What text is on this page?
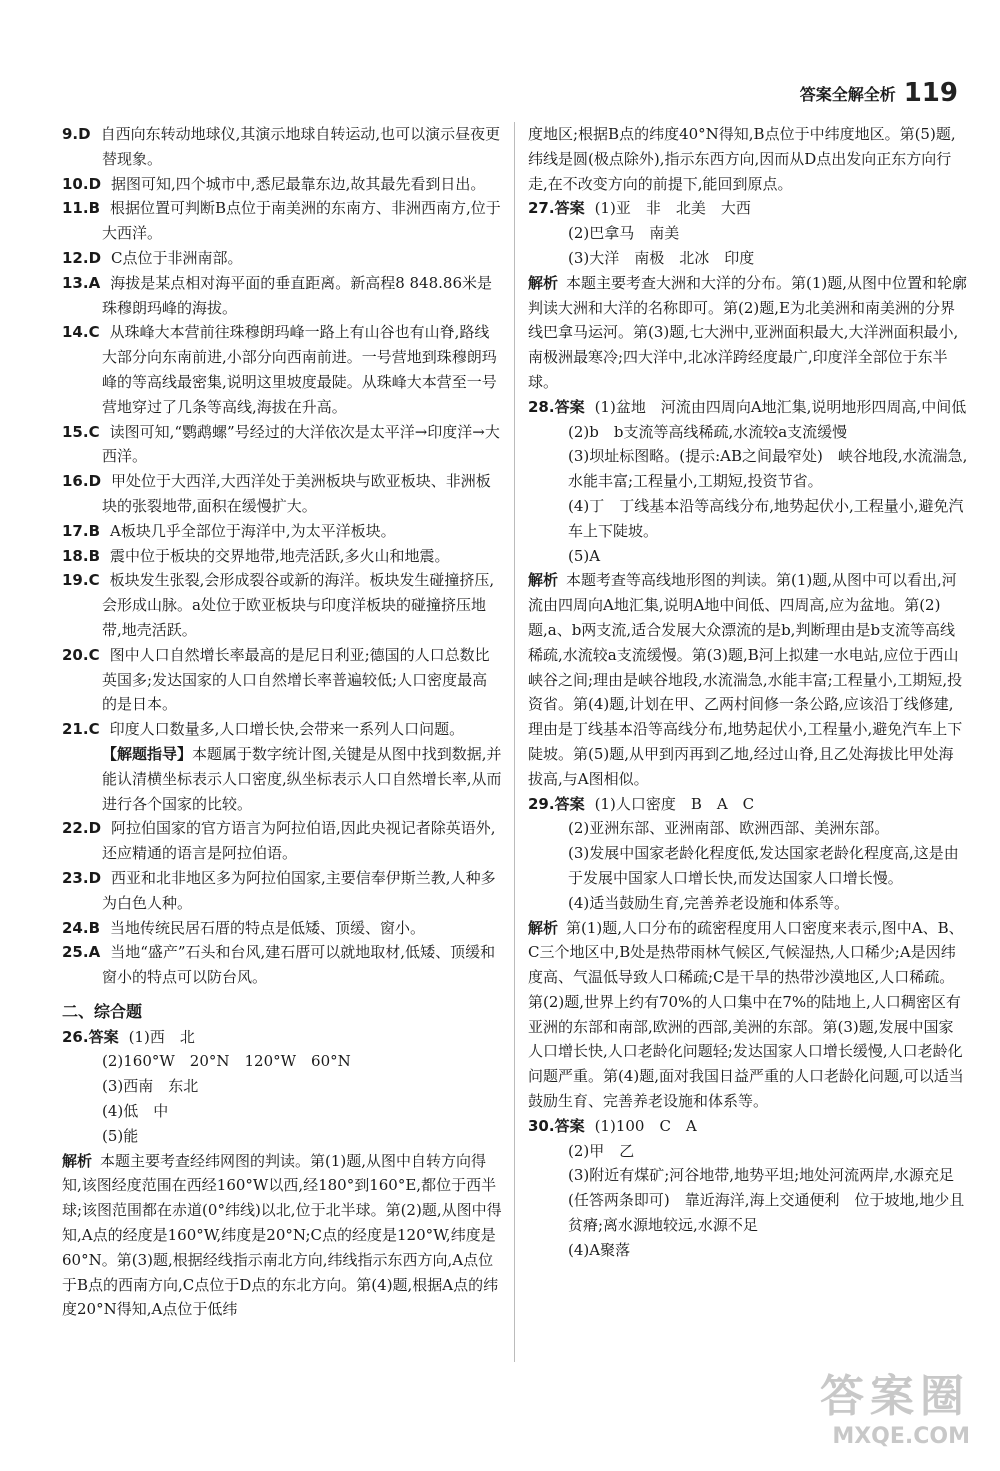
答案全解全析 119

9.D 自西向东转动地球仪,其演示地球自转运动,也可以演示昼夜更替现象。

10.D 据图可知,四个城市中,悉尼最靠东边,故其最先看到日出。

11.B 根据位置可判断B点位于南美洲的东南方、非洲西南方,位于大西洋。

12.D C点位于非洲南部。

13.A 海拔是某点相对海平面的垂直距离。新高程8 848.86米是珠穆朗玛峰的海拔。

14.C 从珠峰大本营前往珠穆朗玛峰一路上有山谷也有山脊,路线大部分向东南前进,小部分向西南前进。一号营地到珠穆朗玛峰的等高线最密集,说明这里坡度最陡。从珠峰大本营至一号营地穿过了几条等高线,海拔在升高。

15.C 读图可知,“鹦鹉螺”号经过的大洋依次是太平洋→印度洋→大西洋。

16.D 甲处位于大西洋,大西洋处于美洲板块与欧亚板块、非洲板块的张裂地带,面积在缓慢扩大。

17.B A板块几乎全部位于海洋中,为太平洋板块。

18.B 震中位于板块的交界地带,地壳活跃,多火山和地震。

19.C 板块发生张裂,会形成裂谷或新的海洋。板块发生碰撞挤压,会形成山脉。a处位于欧亚板块与印度洋板块的碰撞挤压地带,地壳活跃。

20.C 图中人口自然增长率最高的是尼日利亚;德国的人口总数比英国多;发达国家的人口自然增长率普遍较低;人口密度最高的是日本。

21.C 印度人口数量多,人口增长快,会带来一系列人口问题。

【解题指导】本题属于数字统计图,关键是从图中找到数据,并能认清横坐标表示人口密度,纵坐标表示人口自然增长率,从而进行各个国家的比较。

22.D 阿拉伯国家的官方语言为阿拉伯语,因此央视记者除英语外,还应精通的语言是阿拉伯语。

23.D 西亚和北非地区多为阿拉伯国家,主要信奉伊斯兰教,人种多为白色人种。

24.B 当地传统民居石厝的特点是低矮、顶缓、窗小。

25.A 当地“盛产”石头和台风,建石厝可以就地取材,低矮、顶缓和窗小的特点可以防台风。

二、综合题

26.答案 (1)西　北

(2)160°W　20°N　120°W　60°N

(3)西南　东北

(4)低　中

(5)能

解析 本题主要考查经纬网图的判读。第(1)题,从图中自转方向得知,该图经度范围在西经160°W以西,经180°到160°E,都位于西半球;该图范围都在赤道(0°纬线)以北,位于北半球。第(2)题,从图中得知,A点的经度是160°W,纬度是20°N;C点的经度是120°W,纬度是60°N。第(3)题,根据经线指示南北方向,纬线指示东西方向,A点位于B点的西南方向,C点位于D点的东北方向。第(4)题,根据A点的纬度20°N得知,A点位于低纬

度地区;根据B点的纬度40°N得知,B点位于中纬度地区。第(5)题,纬线是圆(极点除外),指示东西方向,因而从D点出发向正东方向行走,在不改变方向的前提下,能回到原点。

27.答案 (1)亚　非　北美　大西

(2)巴拿马　南美

(3)大洋　南极　北冰　印度

解析 本题主要考查大洲和大洋的分布。第(1)题,从图中位置和轮廓判读大洲和大洋的名称即可。第(2)题,E为北美洲和南美洲的分界线巴拿马运河。第(3)题,七大洲中,亚洲面积最大,大洋洲面积最小,南极洲最寒冷;四大洋中,北冰洋跨经度最广,印度洋全部位于东半球。

28.答案 (1)盆地　河流由四周向A地汇集,说明地形四周高,中间低

(2)b　b支流等高线稀疏,水流较a支流缓慢

(3)坝址标图略。(提示:AB之间最窄处)　峡谷地段,水流湍急,水能丰富;工程量小,工期短,投资节省。

(4)丁　丁线基本沿等高线分布,地势起伏小,工程量小,避免汽车上下陡坡。

(5)A

解析 本题考查等高线地形图的判读。第(1)题,从图中可以看出,河流由四周向A地汇集,说明A地中间低、四周高,应为盆地。第(2)题,a、b两支流,适合发展大众漂流的是b,判断理由是b支流等高线稀疏,水流较a支流缓慢。第(3)题,B河上拟建一水电站,应位于西山峡谷之间;理由是峡谷地段,水流湍急,水能丰富;工程量小,工期短,投资省。第(4)题,计划在甲、乙两村间修一条公路,应该沿丁线修建,理由是丁线基本沿等高线分布,地势起伏小,工程量小,避免汽车上下陡坡。第(5)题,从甲到丙再到乙地,经过山脊,且乙处海拔比甲处海拔高,与A图相似。

29.答案 (1)人口密度　B　A　C

(2)亚洲东部、亚洲南部、欧洲西部、美洲东部。

(3)发展中国家老龄化程度低,发达国家老龄化程度高,这是由于发展中国家人口增长快,而发达国家人口增长慢。

(4)适当鼓励生育,完善养老设施和体系等。

解析 第(1)题,人口分布的疏密程度用人口密度来表示,图中A、B、C三个地区中,B处是热带雨林气候区,气候湿热,人口稀少;A是因纬度高、气温低导致人口稀疏;C是干旱的热带沙漠地区,人口稀疏。第(2)题,世界上约有70%的人口集中在7%的陆地上,人口稠密区有亚洲的东部和南部,欧洲的西部,美洲的东部。第(3)题,发展中国家人口增长快,人口老龄化问题轻;发达国家人口增长缓慢,人口老龄化问题严重。第(4)题,面对我国日益严重的人口老龄化问题,可以适当鼓励生育、完善养老设施和体系等。

30.答案 (1)100　C　A

(2)甲　乙

(3)附近有煤矿;河谷地带,地势平坦;地处河流两岸,水源充足(任答两条即可)　靠近海洋,海上交通便利　位于坡地,地少且贫瘠;离水源地较远,水源不足

(4)A聚落

答案圈
MXQE.COM
